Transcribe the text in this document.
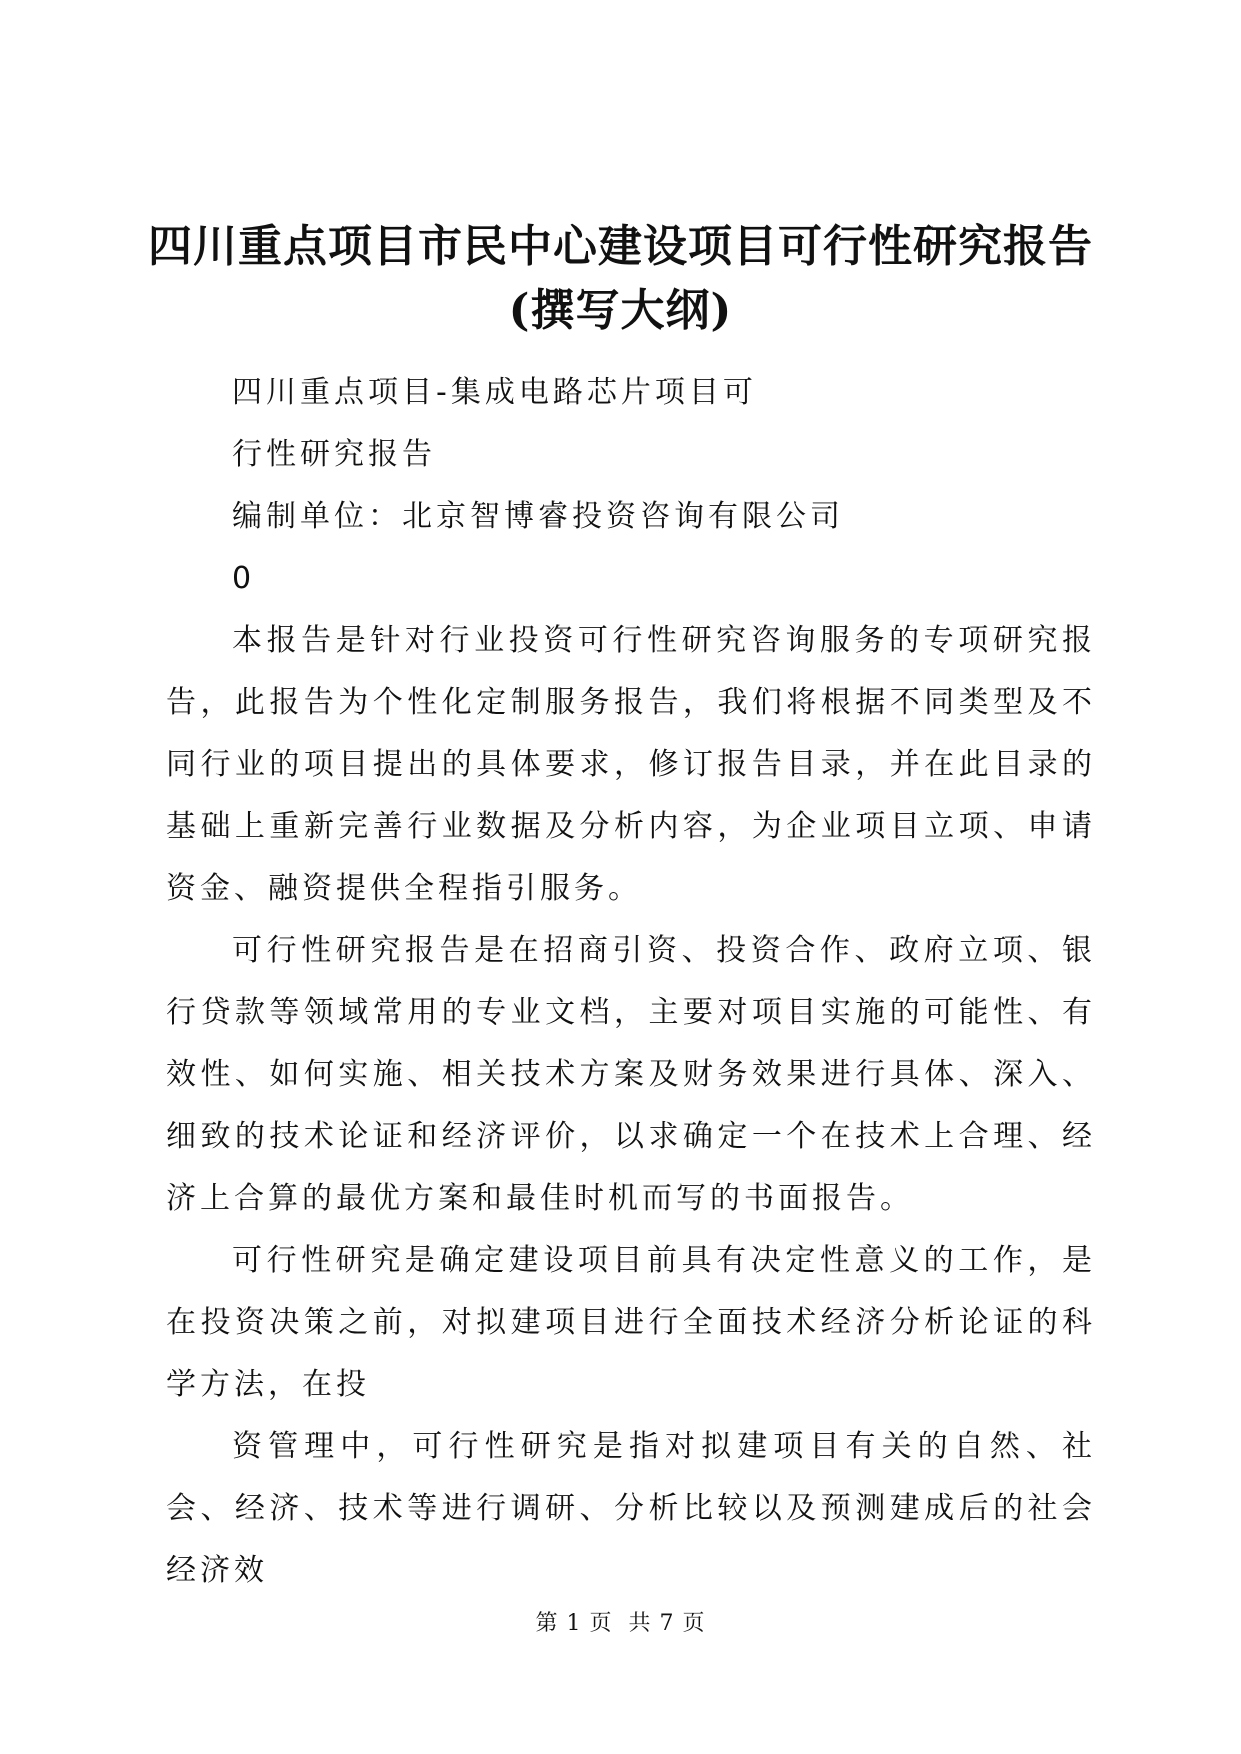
四川重点项目市民中心建设项目可行性研究报告(撰写大纲)

四川重点项目-集成电路芯片项目可

行性研究报告

编制单位：北京智博睿投资咨询有限公司

0

本报告是针对行业投资可行性研究咨询服务的专项研究报告，此报告为个性化定制服务报告，我们将根据不同类型及不同行业的项目提出的具体要求，修订报告目录，并在此目录的基础上重新完善行业数据及分析内容，为企业项目立项、申请资金、融资提供全程指引服务。

可行性研究报告是在招商引资、投资合作、政府立项、银行贷款等领域常用的专业文档，主要对项目实施的可能性、有效性、如何实施、相关技术方案及财务效果进行具体、深入、细致的技术论证和经济评价，以求确定一个在技术上合理、经济上合算的最优方案和最佳时机而写的书面报告。

可行性研究是确定建设项目前具有决定性意义的工作，是在投资决策之前，对拟建项目进行全面技术经济分析论证的科学方法，在投

资管理中，可行性研究是指对拟建项目有关的自然、社会、经济、技术等进行调研、分析比较以及预测建成后的社会经济效

第 1 页 共 7 页
